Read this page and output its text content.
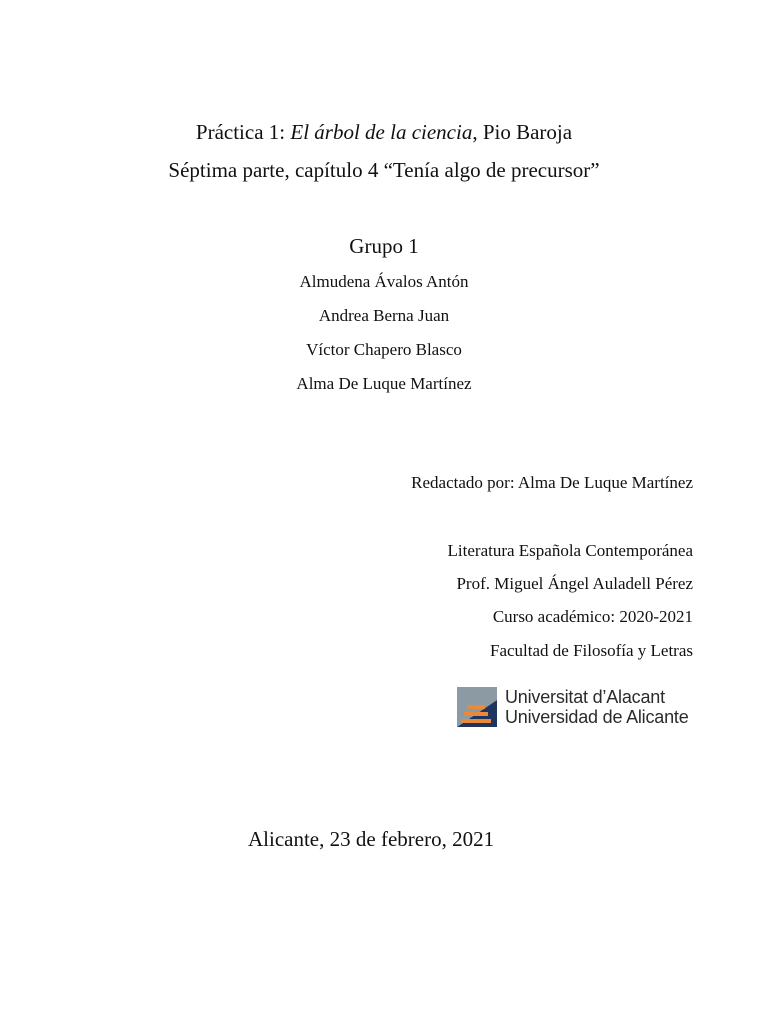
Práctica 1: El árbol de la ciencia, Pio Baroja
Séptima parte, capítulo 4 “Tenía algo de precursor”
Grupo 1
Almudena Ávalos Antón
Andrea Berna Juan
Víctor Chapero Blasco
Alma De Luque Martínez
Redactado por: Alma De Luque Martínez
Literatura Española Contemporánea
Prof. Miguel Ángel Auladell Pérez
Curso académico: 2020-2021
Facultad de Filosofía y Letras
Universitat d’Alacant
Universidad de Alicante
Alicante, 23 de febrero, 2021
